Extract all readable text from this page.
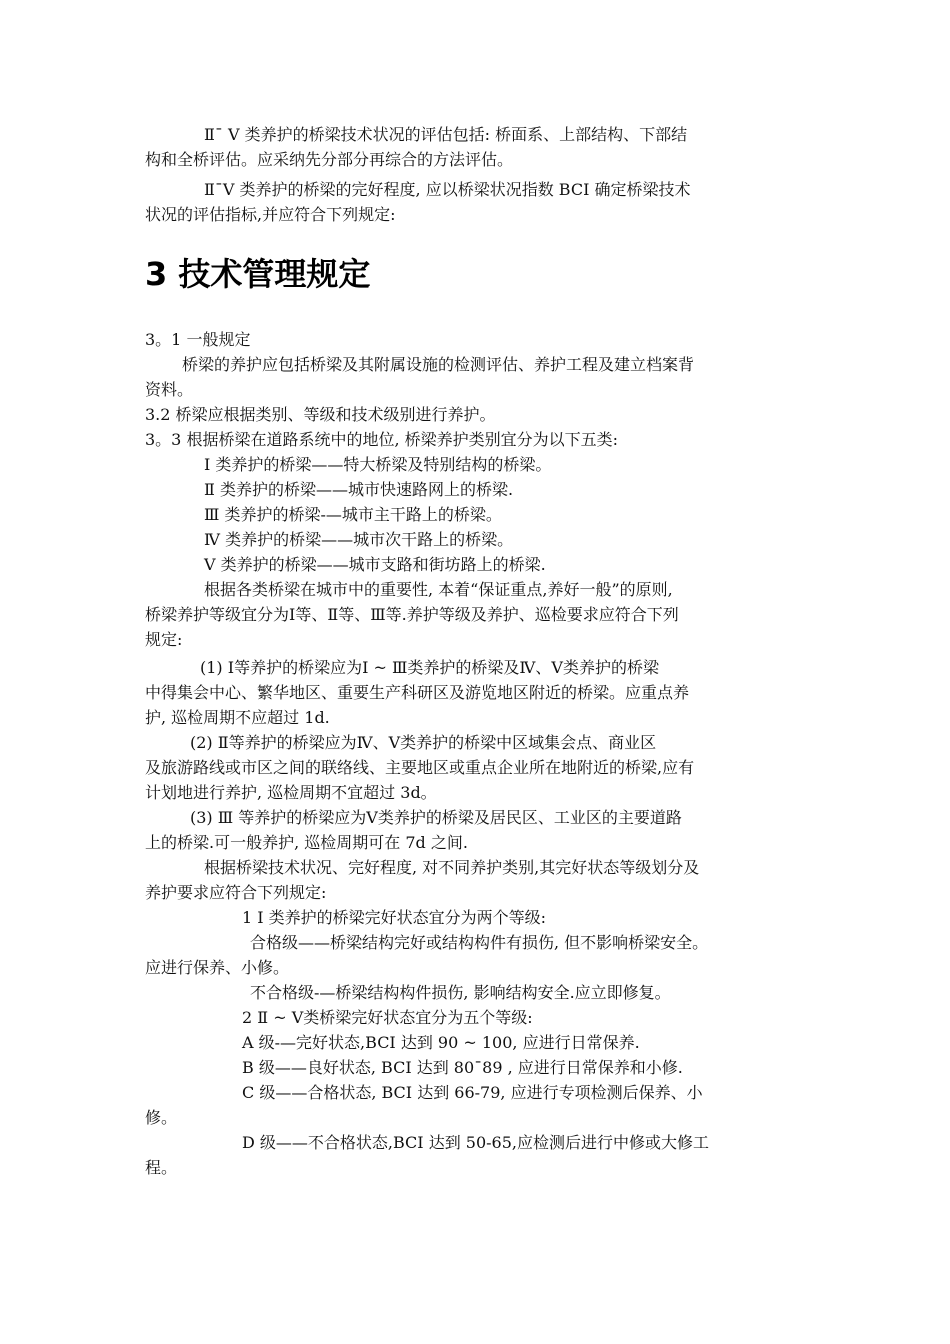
Ⅱ¯ Ⅴ 类养护的桥梁技术状况的评估包括: 桥面系、上部结构、下部结
构和全桥评估。应采纳先分部分再综合的方法评估。
Ⅱ¯Ⅴ 类养护的桥梁的完好程度, 应以桥梁状况指数 BCI 确定桥梁技术
状况的评估指标,并应符合下列规定:
3 技术管理规定
3。1 一般规定
桥梁的养护应包括桥梁及其附属设施的检测评估、养护工程及建立档案背
资料。
3.2 桥梁应根据类别、等级和技术级别进行养护。
3。3 根据桥梁在道路系统中的地位, 桥梁养护类别宜分为以下五类:
Ⅰ 类养护的桥梁——特大桥梁及特别结构的桥梁。
Ⅱ 类养护的桥梁——城市快速路网上的桥梁.
Ⅲ 类养护的桥梁-—城市主干路上的桥梁。
Ⅳ 类养护的桥梁——城市次干路上的桥梁。
Ⅴ 类养护的桥梁——城市支路和街坊路上的桥梁.
根据各类桥梁在城市中的重要性, 本着“保证重点,养好一般”的原则,
桥梁养护等级宜分为Ⅰ等、Ⅱ等、Ⅲ等.养护等级及养护、巡检要求应符合下列
规定:
(1) Ⅰ等养护的桥梁应为Ⅰ ~ Ⅲ类养护的桥梁及Ⅳ、Ⅴ类养护的桥梁
中得集会中心、繁华地区、重要生产科研区及游览地区附近的桥梁。应重点养
护, 巡检周期不应超过 1d.
(2) Ⅱ等养护的桥梁应为Ⅳ、Ⅴ类养护的桥梁中区域集会点、商业区
及旅游路线或市区之间的联络线、主要地区或重点企业所在地附近的桥梁,应有
计划地进行养护, 巡检周期不宜超过 3d。
(3) Ⅲ 等养护的桥梁应为Ⅴ类养护的桥梁及居民区、工业区的主要道路
上的桥梁.可一般养护, 巡检周期可在 7d 之间.
根据桥梁技术状况、完好程度, 对不同养护类别,其完好状态等级划分及
养护要求应符合下列规定:
1 Ⅰ 类养护的桥梁完好状态宜分为两个等级:
合格级——桥梁结构完好或结构构件有损伤, 但不影响桥梁安全。
应进行保养、小修。
不合格级-—桥梁结构构件损伤, 影响结构安全.应立即修复。
2 Ⅱ ~ Ⅴ类桥梁完好状态宜分为五个等级:
A 级-—完好状态,BCI 达到 90 ~ 100, 应进行日常保养.
B 级——良好状态, BCI 达到 80¯89 , 应进行日常保养和小修.
C 级——合格状态, BCI 达到 66-79, 应进行专项检测后保养、小
修。
D 级——不合格状态,BCI 达到 50-65,应检测后进行中修或大修工
程。
